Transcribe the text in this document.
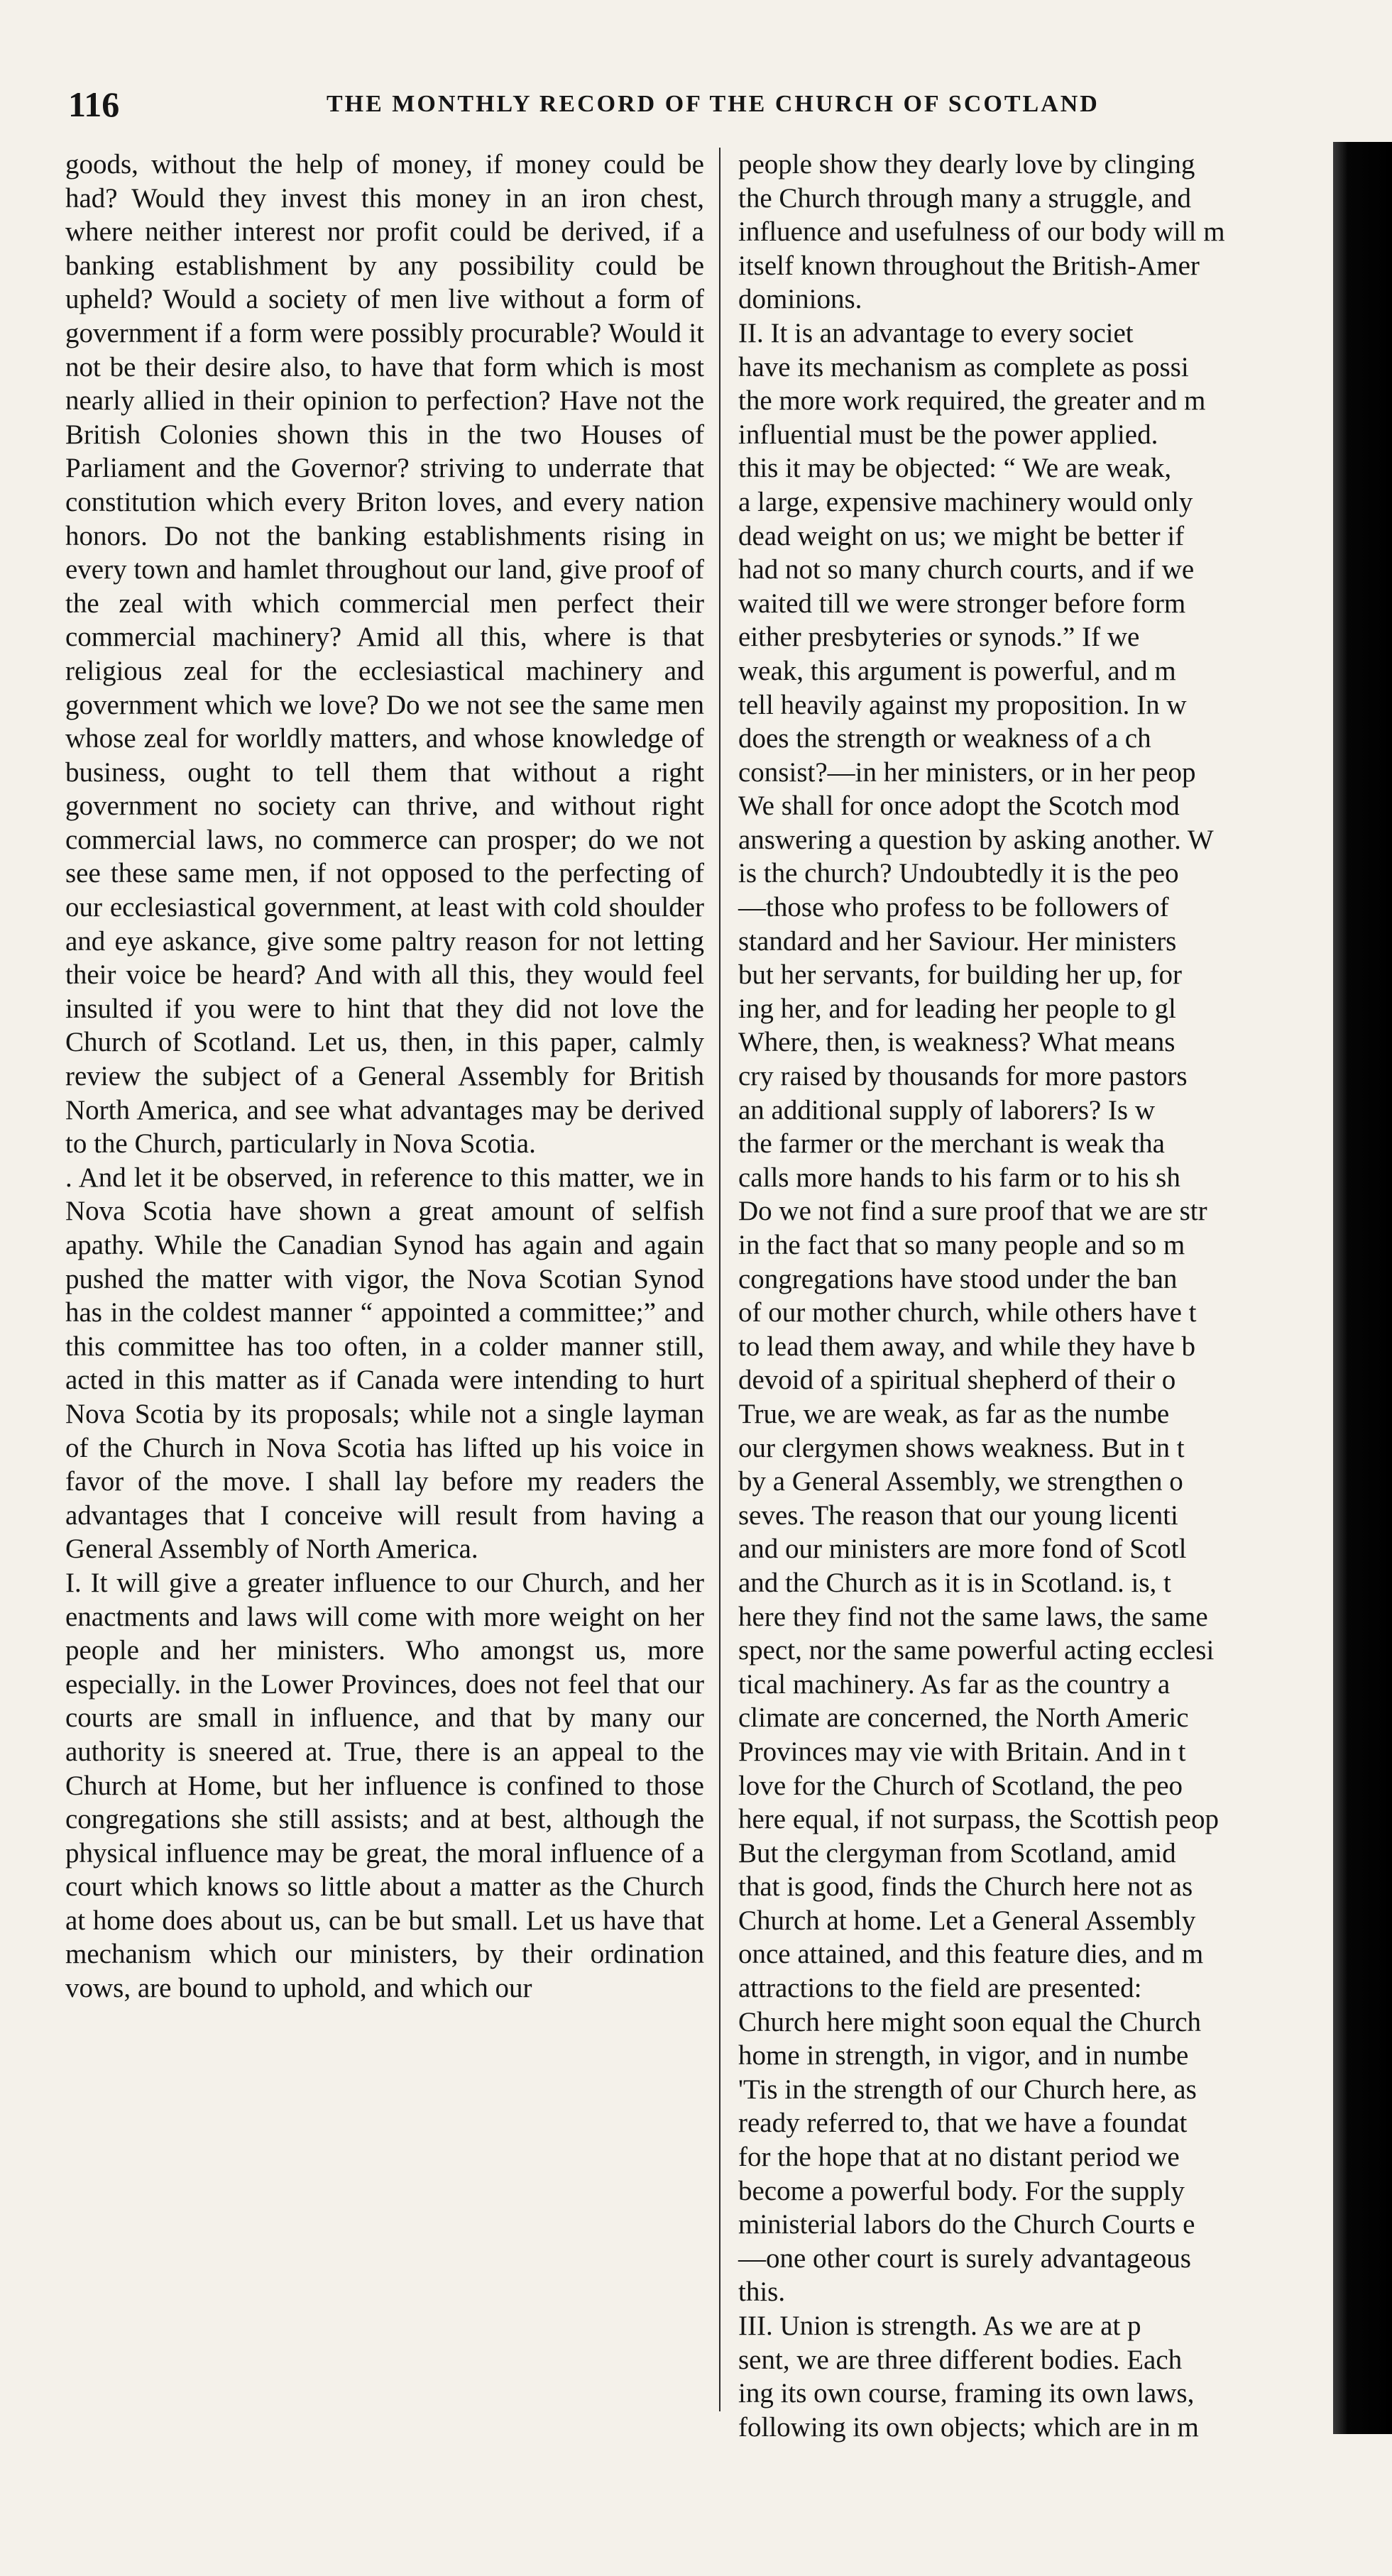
116	THE MONTHLY RECORD OF THE CHURCH OF SCOTLAND

goods, without the help of money, if money could be had? Would they invest this money in an iron chest, where neither interest nor profit could be derived, if a banking establishment by any possibility could be upheld? Would a society of men live without a form of government if a form were possibly procurable? Would it not be their desire also, to have that form which is most nearly allied in their opinion to perfection? Have not the British Colonies shown this in the two Houses of Parliament and the Governor? striving to underrate that constitution which every Briton loves, and every nation honors. Do not the banking establishments rising in every town and hamlet throughout our land, give proof of the zeal with which commercial men perfect their commercial machinery? Amid all this, where is that religious zeal for the ecclesiastical machinery and government which we love? Do we not see the same men whose zeal for worldly matters, and whose knowledge of business, ought to tell them that without a right government no society can thrive, and without right commercial laws, no commerce can prosper; do we not see these same men, if not opposed to the perfecting of our ecclesiastical government, at least with cold shoulder and eye askance, give some paltry reason for not letting their voice be heard? And with all this, they would feel insulted if you were to hint that they did not love the Church of Scotland. Let us, then, in this paper, calmly review the subject of a General Assembly for British North America, and see what advantages may be derived to the Church, particularly in Nova Scotia.

. And let it be observed, in reference to this matter, we in Nova Scotia have shown a great amount of selfish apathy. While the Canadian Synod has again and again pushed the matter with vigor, the Nova Scotian Synod has in the coldest manner “ appointed a committee;” and this committee has too often, in a colder manner still, acted in this matter as if Canada were intending to hurt Nova Scotia by its proposals; while not a single layman of the Church in Nova Scotia has lifted up his voice in favor of the move. I shall lay before my readers the advantages that I conceive will result from having a General Assembly of North America.

I. It will give a greater influence to our Church, and her enactments and laws will come with more weight on her people and her ministers. Who amongst us, more especially. in the Lower Provinces, does not feel that our courts are small in influence, and that by many our authority is sneered at. True, there is an appeal to the Church at Home, but her influence is confined to those congregations she still assists; and at best, although the physical influence may be great, the moral influence of a court which knows so little about a matter as the Church at home does about us, can be but small. Let us have that mechanism which our ministers, by their ordination vows, are bound to uphold, and which our

people show they dearly love by clinging
the Church through many a struggle, and
influence and usefulness of our body will m
itself known throughout the British-Amer
dominions.
II. It is an advantage to every societ
have its mechanism as complete as possi
the more work required, the greater and m
influential must be the power applied.
this it may be objected: “ We are weak,
a large, expensive machinery would only
dead weight on us; we might be better if
had not so many church courts, and if we
waited till we were stronger before form
either presbyteries or synods.” If we
weak, this argument is powerful, and m
tell heavily against my proposition. In w
does the strength or weakness of a ch
consist?—in her ministers, or in her peop
We shall for once adopt the Scotch mod
answering a question by asking another. W
is the church? Undoubtedly it is the peo
—those who profess to be followers of
standard and her Saviour. Her ministers
but her servants, for building her up, for
ing her, and for leading her people to gl
Where, then, is weakness? What means
cry raised by thousands for more pastors
an additional supply of laborers? Is w
the farmer or the merchant is weak tha
calls more hands to his farm or to his sh
Do we not find a sure proof that we are str
in the fact that so many people and so m
congregations have stood under the ban
of our mother church, while others have t
to lead them away, and while they have b
devoid of a spiritual shepherd of their o
True, we are weak, as far as the numbe
our clergymen shows weakness. But in t
by a General Assembly, we strengthen o
seves. The reason that our young licenti
and our ministers are more fond of Scotl
and the Church as it is in Scotland. is, t
here they find not the same laws, the same
spect, nor the same powerful acting ecclesi
tical machinery. As far as the country a
climate are concerned, the North Americ
Provinces may vie with Britain. And in t
love for the Church of Scotland, the peo
here equal, if not surpass, the Scottish peop
But the clergyman from Scotland, amid
that is good, finds the Church here not as
Church at home. Let a General Assembly
once attained, and this feature dies, and m
attractions to the field are presented:
Church here might soon equal the Church
home in strength, in vigor, and in numbe
'Tis in the strength of our Church here, as
ready referred to, that we have a foundat
for the hope that at no distant period we
become a powerful body. For the supply
ministerial labors do the Church Courts e
—one other court is surely advantageous
this.
III. Union is strength. As we are at p
sent, we are three different bodies. Each
ing its own course, framing its own laws,
following its own objects; which are in m
